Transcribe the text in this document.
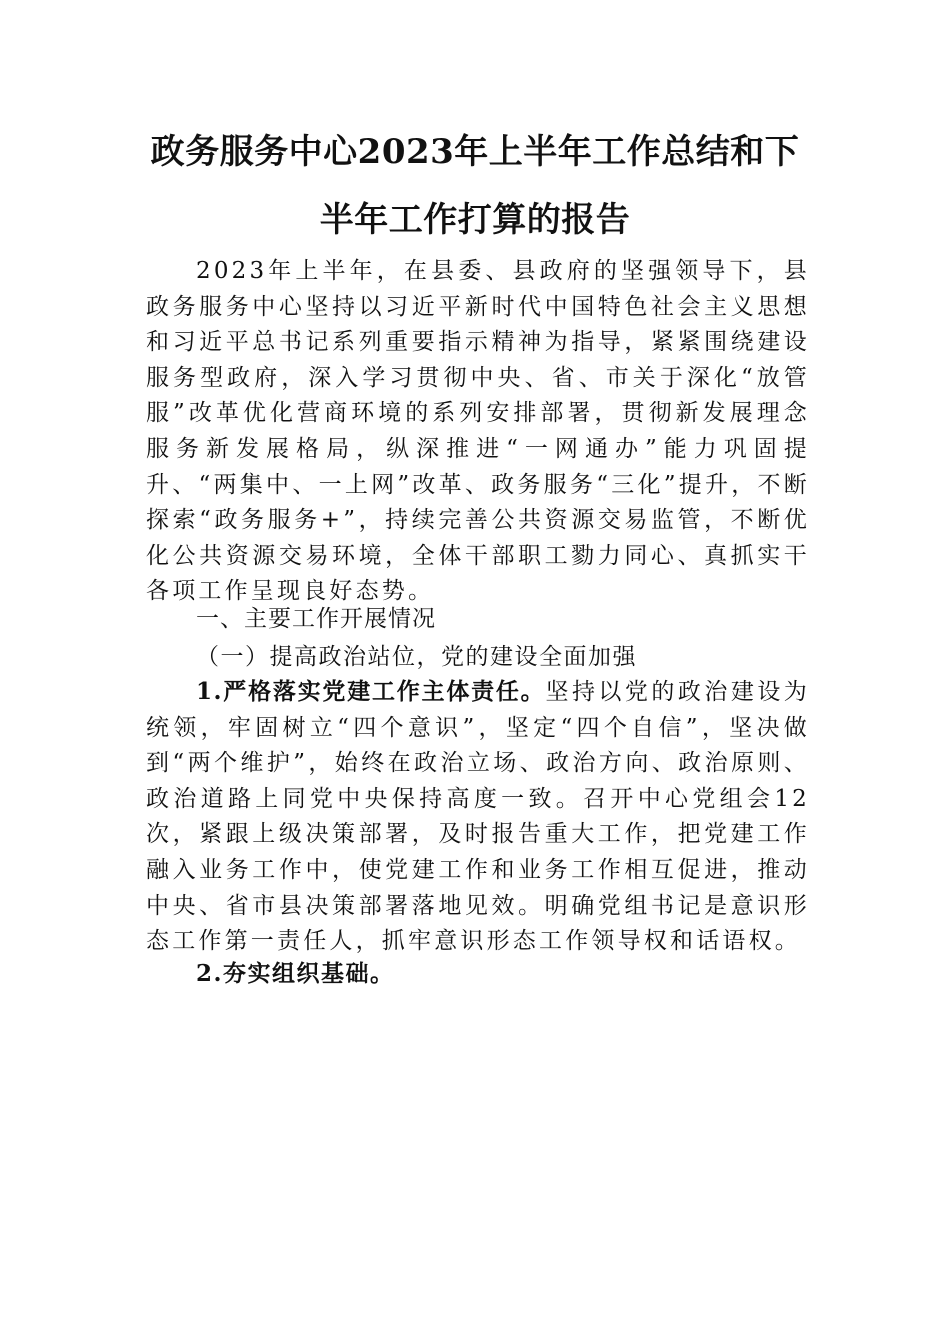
政务服务中心2023年上半年工作总结和下
半年工作打算的报告
2023年上半年，在县委、县政府的坚强领导下，县政务服务中心坚持以习近平新时代中国特色社会主义思想和习近平总书记系列重要指示精神为指导，紧紧围绕建设服务型政府，深入学习贯彻中央、省、市关于深化“放管服”改革优化营商环境的系列安排部署，贯彻新发展理念服务新发展格局，纵深推进“一网通办”能力巩固提升、“两集中、一上网”改革、政务服务“三化”提升，不断探索“政务服务+”，持续完善公共资源交易监管，不断优化公共资源交易环境，全体干部职工勠力同心、真抓实干各项工作呈现良好态势。
一、主要工作开展情况
（一）提高政治站位，党的建设全面加强
1.严格落实党建工作主体责任。坚持以党的政治建设为统领，牢固树立“四个意识”，坚定“四个自信”，坚决做到“两个维护”，始终在政治立场、政治方向、政治原则、政治道路上同党中央保持高度一致。召开中心党组会12次，紧跟上级决策部署，及时报告重大工作，把党建工作融入业务工作中，使党建工作和业务工作相互促进，推动中央、省市县决策部署落地见效。明确党组书记是意识形态工作第一责任人，抓牢意识形态工作领导权和话语权。
2.夯实组织基础。
